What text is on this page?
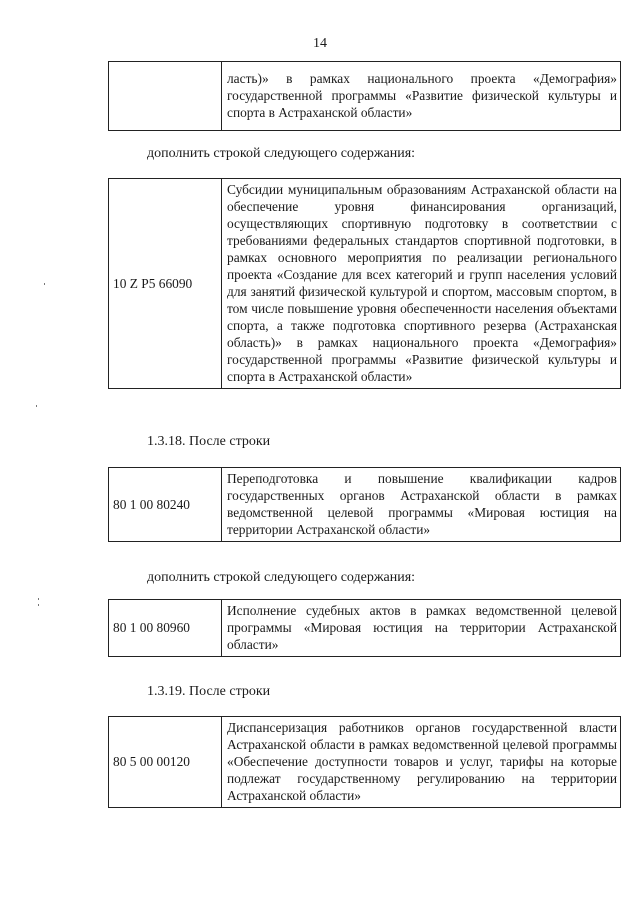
14
	ласть)» в рамках национального проекта «Демография» государственной программы «Развитие физической культуры и спорта в Астраханской области»
дополнить строкой следующего содержания:
10 Z P5 66090	Субсидии муниципальным образованиям Астраханской области на обеспечение уровня финансирования организаций, осуществляющих спортивную подготовку в соответствии с требованиями федеральных стандартов спортивной подготовки, в рамках основного мероприятия по реализации регионального проекта «Создание для всех категорий и групп населения условий для занятий физической культурой и спортом, массовым спортом, в том числе повышение уровня обеспеченности населения объектами спорта, а также подготовка спортивного резерва (Астраханская область)» в рамках национального проекта «Демография» государственной программы «Развитие физической культуры и спорта в Астраханской области»
1.3.18. После строки
80 1 00 80240	Переподготовка и повышение квалификации кадров государственных органов Астраханской области в рамках ведомственной целевой программы «Мировая юстиция на территории Астраханской области»
дополнить строкой следующего содержания:
80 1 00 80960	Исполнение судебных актов в рамках ведомственной целевой программы «Мировая юстиция на территории Астраханской области»
1.3.19. После строки
80 5 00 00120	Диспансеризация работников органов государственной власти Астраханской области в рамках ведомственной целевой программы «Обеспечение доступности товаров и услуг, тарифы на которые подлежат государственному регулированию на территории Астраханской области»
